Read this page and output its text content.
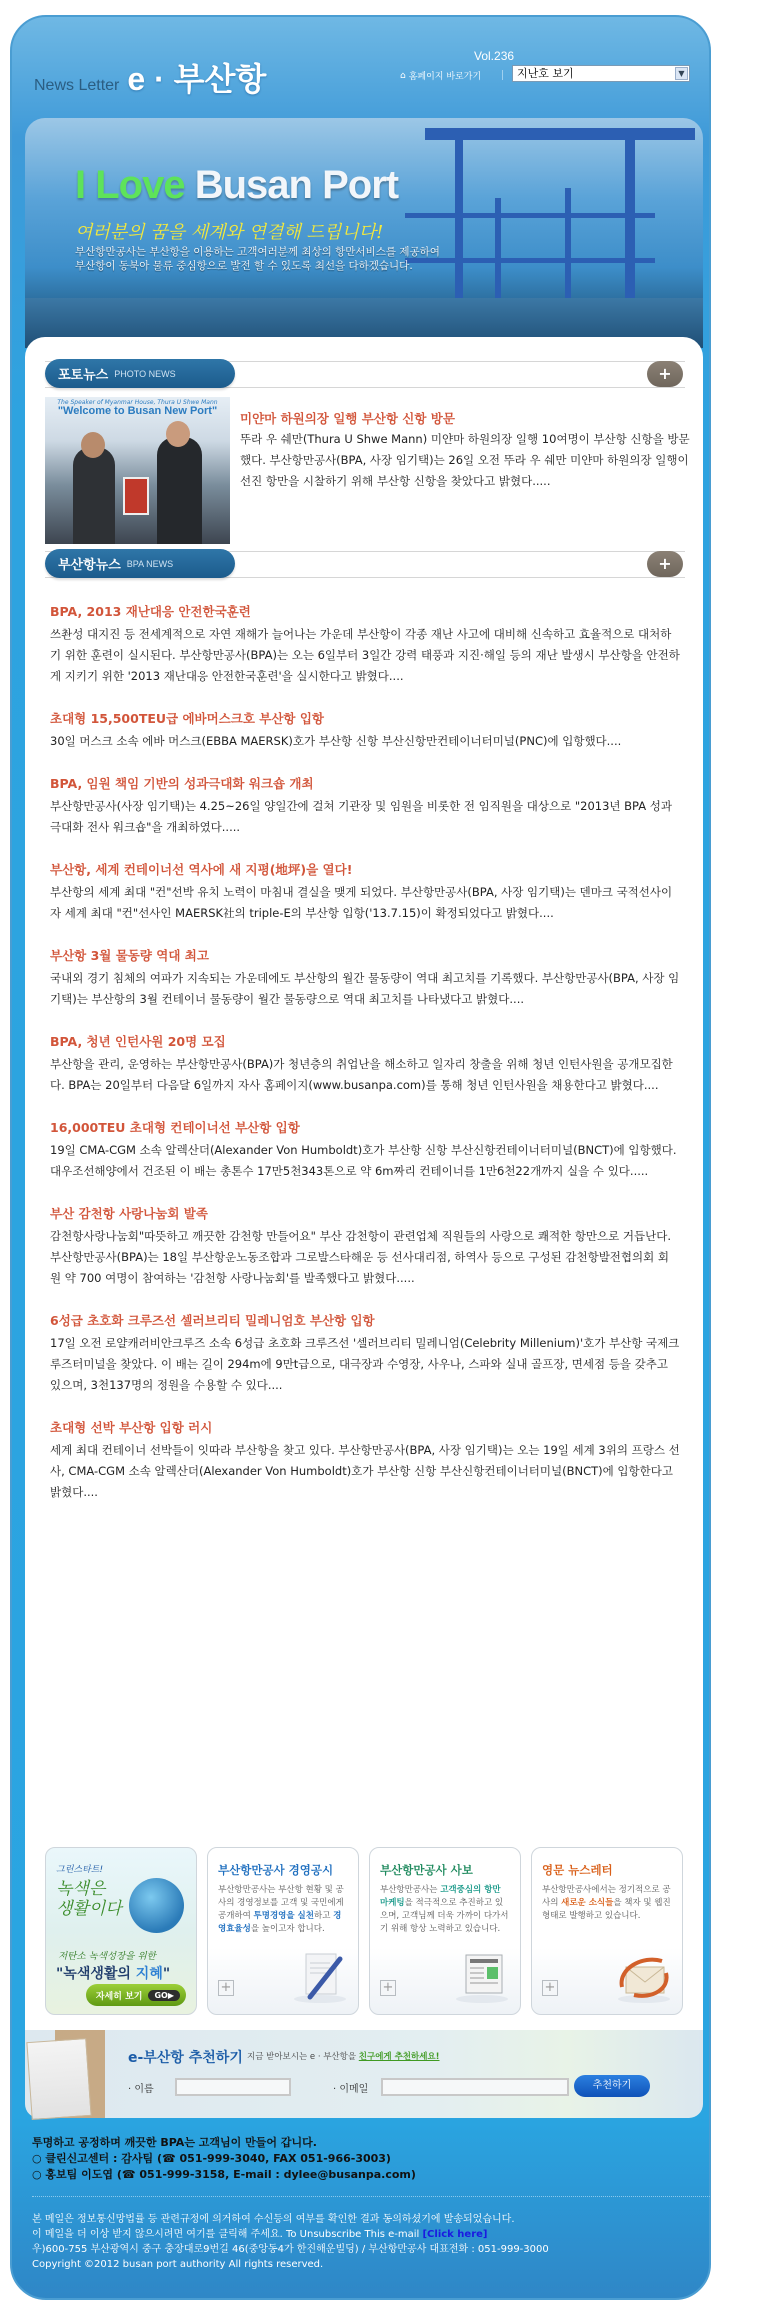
News Letter e · 부산항
Vol.236
⌂ 홈페이지 바로가기	지난호 보기	▼
I Love Busan Port
여러분의 꿈을 세계와 연결해 드립니다!
부산항만공사는 부산항을 이용하는 고객여러분께 최상의 항만서비스를 제공하여
부산항이 동북아 물류 중심항으로 발전 할 수 있도록 최선을 다하겠습니다.
포토뉴스 PHOTO NEWS	+
The Speaker of Myanmar House, Thura U Shwe Mann
"Welcome to Busan New Port"	미얀마 하원의장 일행 부산항 신항 방문
뚜라 우 쉐만(Thura U Shwe Mann) 미얀마 하원의장 일행 10여명이 부산항 신항을 방문했다. 부산항만공사(BPA, 사장 임기택)는 26일 오전 뚜라 우 쉐만 미얀마 하원의장 일행이 선진 항만을 시찰하기 위해 부산항 신항을 찾았다고 밝혔다.....
부산항뉴스 BPA NEWS	+
BPA, 2013 재난대응 안전한국훈련
쓰촨성 대지진 등 전세계적으로 자연 재해가 늘어나는 가운데 부산항이 각종 재난 사고에 대비해 신속하고 효율적으로 대처하기 위한 훈련이 실시된다. 부산항만공사(BPA)는 오는 6일부터 3일간 강력 태풍과 지진·해일 등의 재난 발생시 부산항을 안전하게 지키기 위한 '2013 재난대응 안전한국훈련'을 실시한다고 밝혔다....
초대형 15,500TEU급 에바머스크호 부산항 입항
30일 머스크 소속 에바 머스크(EBBA MAERSK)호가 부산항 신항 부산신항만컨테이너터미널(PNC)에 입항했다....
BPA, 임원 책임 기반의 성과극대화 워크숍 개최
부산항만공사(사장 임기택)는 4.25~26일 양일간에 걸쳐 기관장 및 임원을 비롯한 전 임직원을 대상으로 "2013년 BPA 성과극대화 전사 워크숍"을 개최하였다.....
부산항, 세계 컨테이너선 역사에 새 지평(地坪)을 열다!
부산항의 세계 최대 "컨"선박 유치 노력이 마침내 결실을 맺게 되었다. 부산항만공사(BPA, 사장 임기택)는 덴마크 국적선사이자 세계 최대 "컨"선사인 MAERSK社의 triple-E의 부산항 입항('13.7.15)이 확정되었다고 밝혔다....
부산항 3월 물동량 역대 최고
국내외 경기 침체의 여파가 지속되는 가운데에도 부산항의 월간 물동량이 역대 최고치를 기록했다. 부산항만공사(BPA, 사장 임기택)는 부산항의 3월 컨테이너 물동량이 월간 물동량으로 역대 최고치를 나타냈다고 밝혔다....
BPA, 청년 인턴사원 20명 모집
부산항을 관리, 운영하는 부산항만공사(BPA)가 청년층의 취업난을 해소하고 일자리 창출을 위해 청년 인턴사원을 공개모집한다. BPA는 20일부터 다음달 6일까지 자사 홈페이지(www.busanpa.com)를 통해 청년 인턴사원을 채용한다고 밝혔다....
16,000TEU 초대형 컨테이너선 부산항 입항
19일 CMA-CGM 소속 알렉산더(Alexander Von Humboldt)호가 부산항 신항 부산신항컨테이너터미널(BNCT)에 입항했다. 대우조선해양에서 건조된 이 배는 총톤수 17만5천343톤으로 약 6m짜리 컨테이너를 1만6천22개까지 실을 수 있다.....
부산 감천항 사랑나눔회 발족
감천항사랑나눔회"따뜻하고 깨끗한 감천항 만들어요" 부산 감천항이 관련업체 직원들의 사랑으로 쾌적한 항만으로 거듭난다. 부산항만공사(BPA)는 18일 부산항운노동조합과 그로발스타해운 등 선사대리점, 하역사 등으로 구성된 감천항발전협의회 회원 약 700 여명이 참여하는 '감천항 사랑나눔회'를 발족했다고 밝혔다.....
6성급 초호화 크루즈선 셀러브리티 밀레니엄호 부산항 입항
17일 오전 로얄캐러비안크루즈 소속 6성급 초호화 크루즈선 '셀러브리티 밀레니엄(Celebrity Millenium)'호가 부산항 국제크루즈터미널을 찾았다. 이 배는 길이 294m에 9만t급으로, 대극장과 수영장, 사우나, 스파와 실내 골프장, 면세점 등을 갖추고 있으며, 3천137명의 정원을 수용할 수 있다....
초대형 선박 부산항 입항 러시
세계 최대 컨테이너 선박들이 잇따라 부산항을 찾고 있다. 부산항만공사(BPA, 사장 임기택)는 오는 19일 세계 3위의 프랑스 선사, CMA-CGM 소속 알렉산더(Alexander Von Humboldt)호가 부산항 신항 부산신항컨테이너터미널(BNCT)에 입항한다고 밝혔다....
그린스타트!
녹색은
생활이다
저탄소 녹색성장을 위한
"녹색생활의 지혜"
자세히 보기	GO▶
부산항만공사 경영공시
부산항만공사는 부산항 현황 및 공사의 경영정보를 고객 및 국민에게 공개하여 투명경영을 실천하고 경영효율성을 높이고자 합니다.
+
부산항만공사 사보
부산항만공사는 고객중심의 항만 마케팅을 적극적으로 추진하고 있으며, 고객님께 더욱 가까이 다가서기 위해 항상 노력하고 있습니다.
+
영문 뉴스레터
부산항만공사에서는 정기적으로 공사의 새로운 소식들을 책자 및 웹진형태로 발행하고 있습니다.
+
e-부산항 추천하기 지금 받아보시는 e · 부산항을 친구에게 추천하세요!
· 이름	· 이메일	추천하기
투명하고 공정하며 깨끗한 BPA는 고객님이 만들어 갑니다.
○ 클린신고센터 : 감사팀 (☎ 051-999-3040, FAX 051-966-3003)
○ 홍보팀 이도엽 (☎ 051-999-3158, E-mail : dylee@busanpa.com)
본 메일은 정보통신망법률 등 관련규정에 의거하여 수신등의 여부를 확인한 결과 동의하셨기에 발송되었습니다.
이 메일을 더 이상 받지 않으시려면 여기를 클릭해 주세요. To Unsubscribe This e-mail [Click here]
우)600-755 부산광역시 중구 충장대로9번길 46(중앙동4가 한진해운빌딩) / 부산항만공사 대표전화 : 051-999-3000
Copyright ©2012 busan port authority All rights reserved.
